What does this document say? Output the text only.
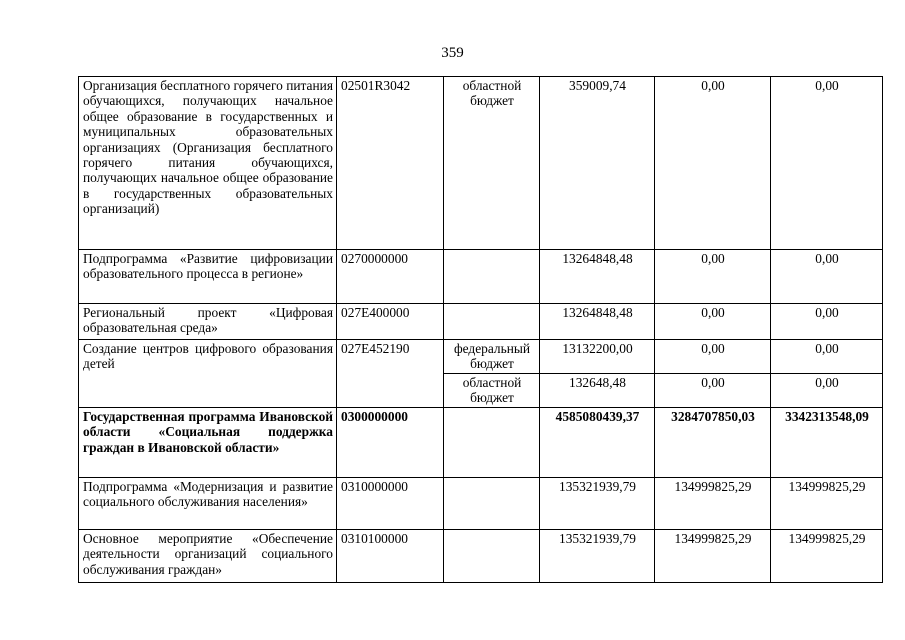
359
Организация бесплатного горячего питания обучающихся, получающих начальное общее образование в государственных и муниципальных образовательных организациях (Организация бесплатного горячего питания обучающихся, получающих начальное общее образование в государственных образовательных организаций)	02501R3042	областной бюджет	359009,74	0,00	0,00
Подпрограмма «Развитие цифровизации образовательного процесса в регионе»	0270000000		13264848,48	0,00	0,00
Региональный проект «Цифровая образовательная среда»	027E400000		13264848,48	0,00	0,00
Создание центров цифрового образования детей	027E452190	федеральный бюджет	13132200,00	0,00	0,00
		областной бюджет	132648,48	0,00	0,00
Государственная программа Ивановской области «Социальная поддержка граждан в Ивановской области»	0300000000		4585080439,37	3284707850,03	3342313548,09
Подпрограмма «Модернизация и развитие социального обслуживания населения»	0310000000		135321939,79	134999825,29	134999825,29
Основное мероприятие «Обеспечение деятельности организаций социального обслуживания граждан»	0310100000		135321939,79	134999825,29	134999825,29
